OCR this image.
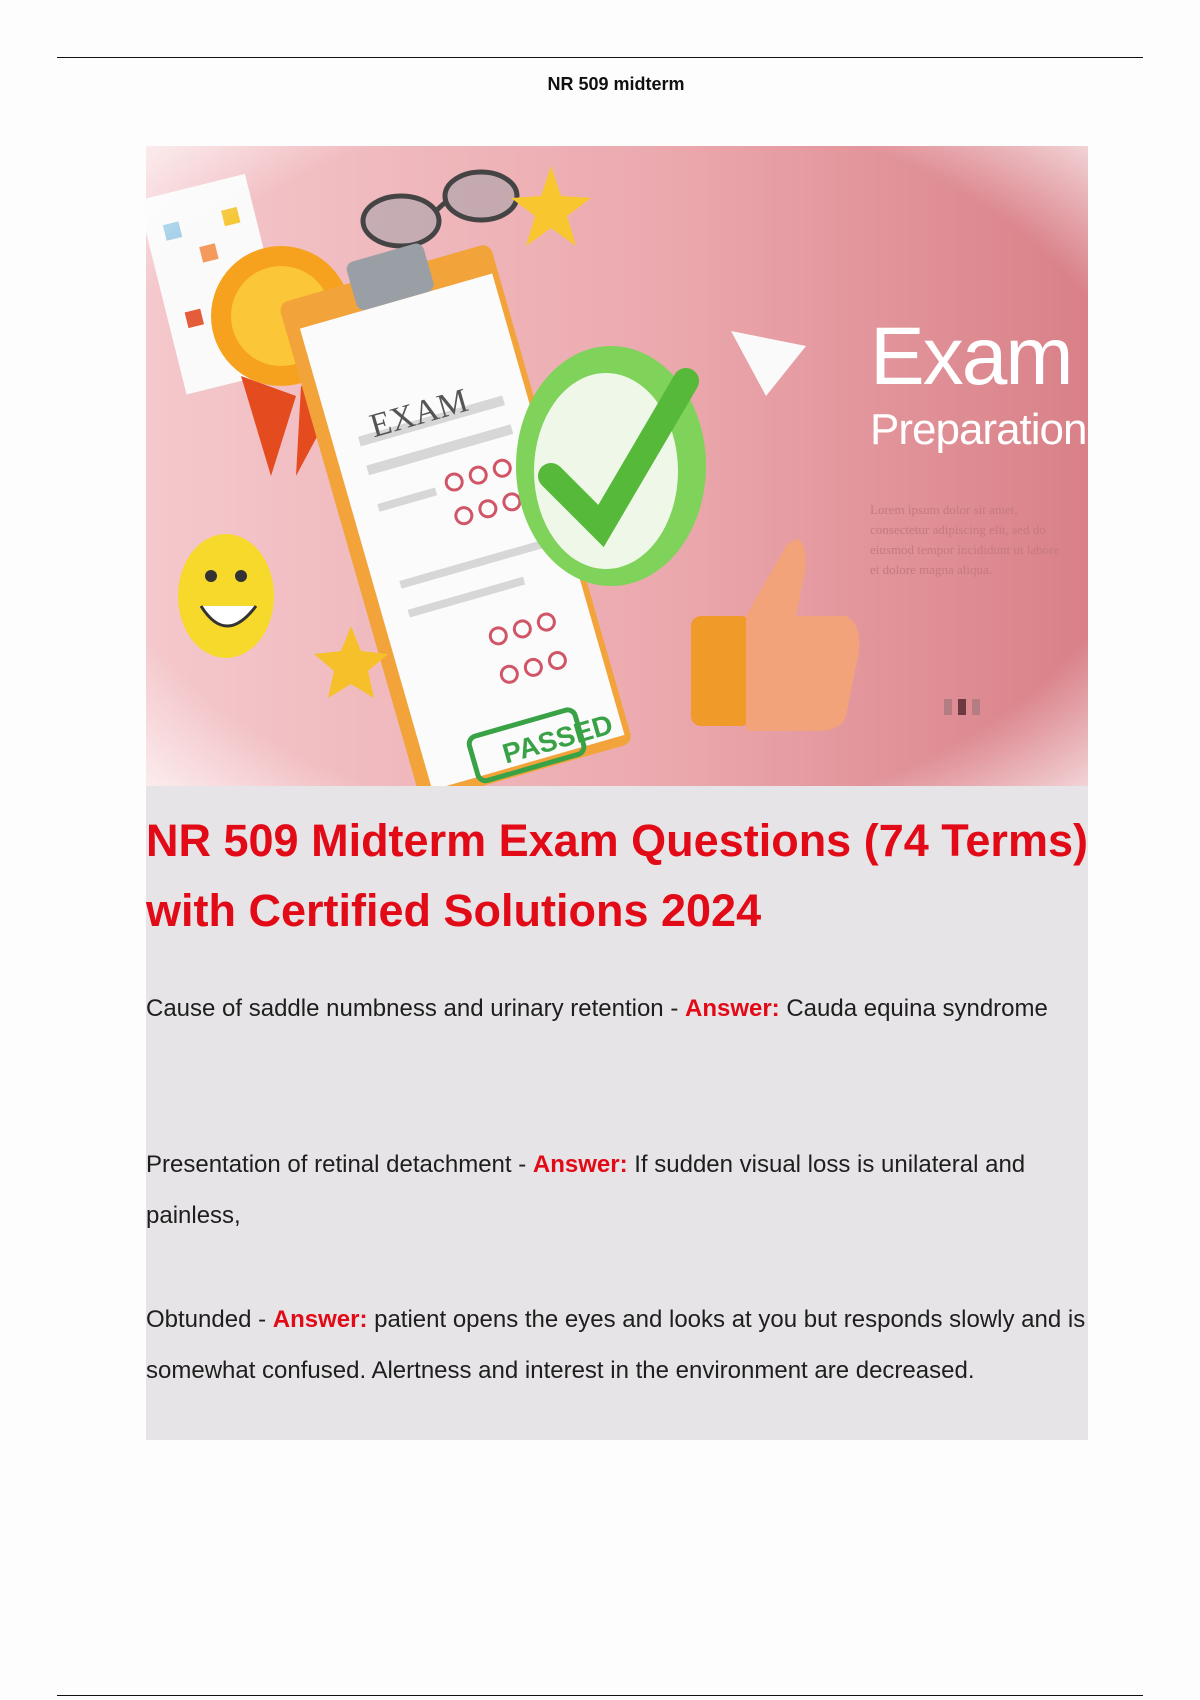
NR 509 midterm
Exam
Preparation
Lorem ipsum dolor sit amet, consectetur adipiscing elit, sed do eiusmod tempor incididunt ut labore et dolore magna aliqua.
NR 509 Midterm Exam Questions (74 Terms) with Certified Solutions 2024

Cause of saddle numbness and urinary retention - Answer: Cauda equina syndrome

Presentation of retinal detachment - Answer: If sudden visual loss is unilateral and painless,

Obtunded - Answer: patient opens the eyes and looks at you but responds slowly and is somewhat confused. Alertness and interest in the environment are decreased.
